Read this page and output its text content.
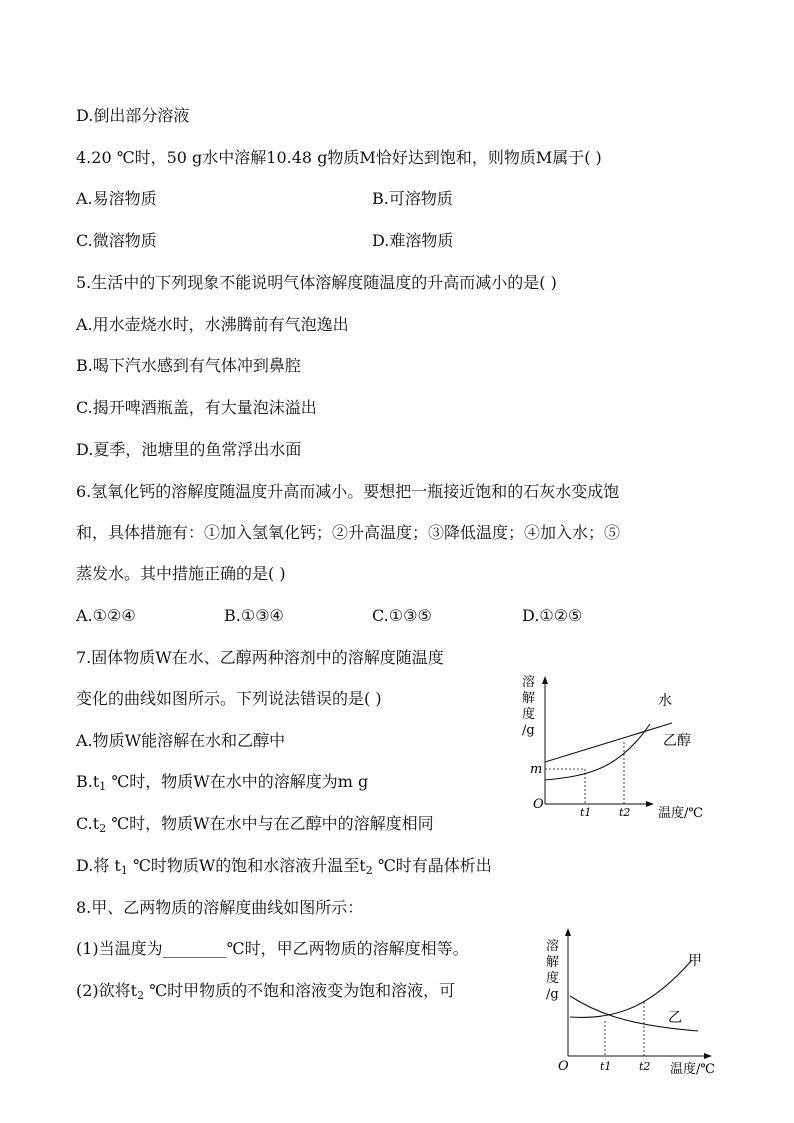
D.倒出部分溶液
4.20 ℃时，50 g水中溶解10.48 g物质M恰好达到饱和，则物质M属于( )
A.易溶物质	B.可溶物质
C.微溶物质	D.难溶物质
5.生活中的下列现象不能说明气体溶解度随温度的升高而减小的是( )
A.用水壶烧水时，水沸腾前有气泡逸出
B.喝下汽水感到有气体冲到鼻腔
C.揭开啤酒瓶盖，有大量泡沫溢出
D.夏季，池塘里的鱼常浮出水面
6.氢氧化钙的溶解度随温度升高而减小。要想把一瓶接近饱和的石灰水变成饱
和，具体措施有：①加入氢氧化钙；②升高温度；③降低温度；④加入水；⑤
蒸发水。其中措施正确的是( )
A.①②④	B.①③④	C.①③⑤	D.①②⑤
7.固体物质W在水、乙醇两种溶剂中的溶解度随温度
变化的曲线如图所示。下列说法错误的是( )
A.物质W能溶解在水和乙醇中
$B.t_1$ ℃时，物质W在水中的溶解度为m g
$C.t_2$ ℃时，物质W在水中与在乙醇中的溶解度相同
D.将 $t_1$ ℃时物质W的饱和水溶液升温至$t_2$ ℃时有晶体析出
8.甲、乙两物质的溶解度曲线如图所示：
(1)当温度为________℃时，甲乙两物质的溶解度相等。
(2)欲将$t_2$ ℃时甲物质的不饱和溶液变为饱和溶液，可
溶
解
度
/g
O
温度/℃
m
t1	t2
水
乙醇
溶
解
度
/g
O	温度/℃
t1	t2
甲
乙
